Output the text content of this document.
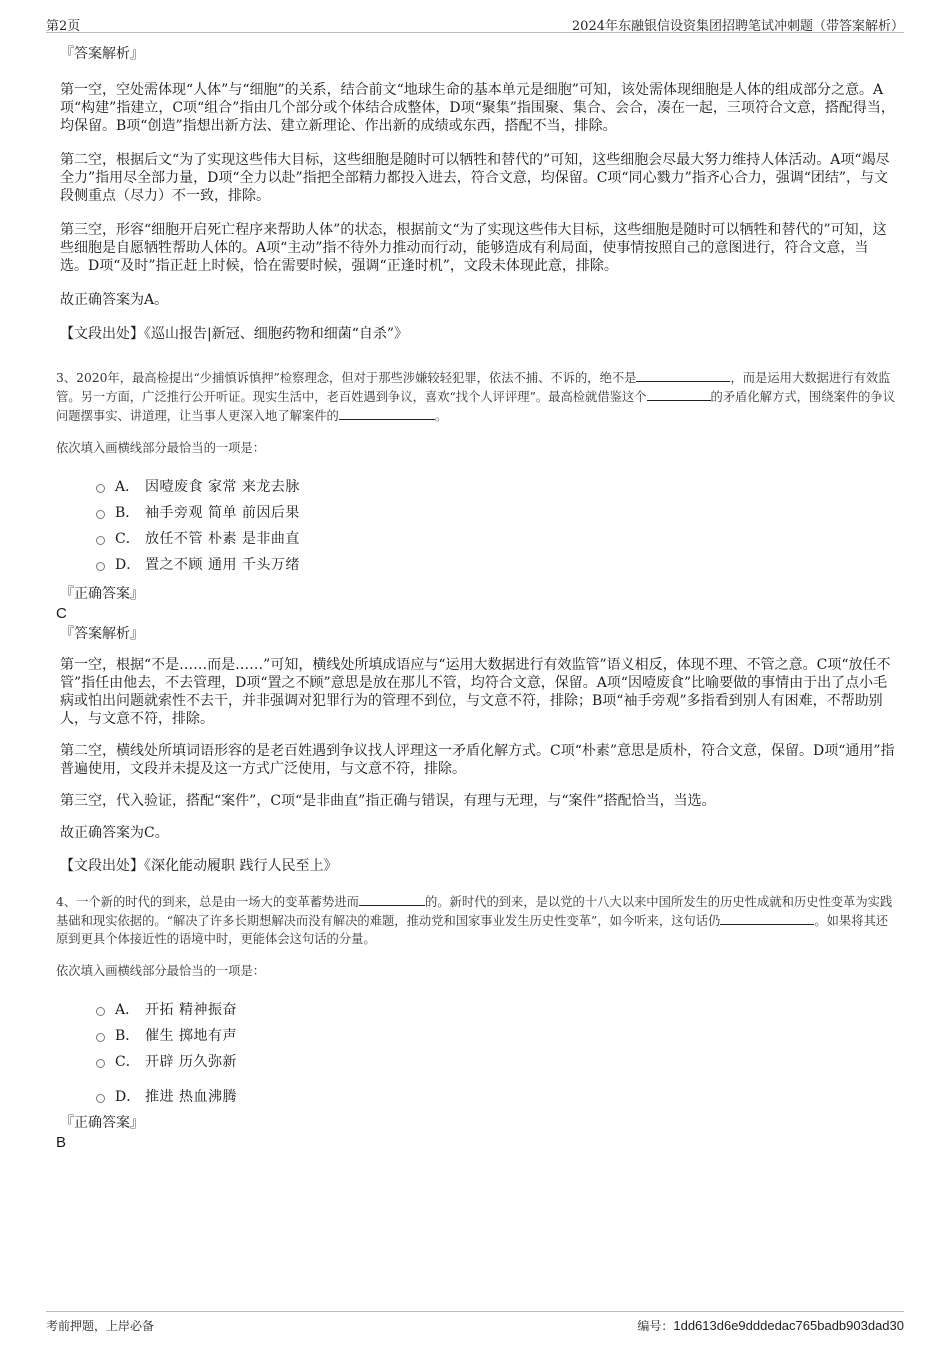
第2页	2024年东融银信设资集团招聘笔试冲刺题（带答案解析）
『答案解析』
第一空，空处需体现“人体”与“细胞”的关系，结合前文“地球生命的基本单元是细胞”可知，该处需体现细胞是人体的组成部分之意。A项“构建”指建立，C项“组合”指由几个部分或个体结合成整体，D项“聚集”指围聚、集合、会合，凑在一起，三项符合文意，搭配得当，均保留。B项“创造”指想出新方法、建立新理论、作出新的成绩或东西，搭配不当，排除。
第二空，根据后文“为了实现这些伟大目标，这些细胞是随时可以牺牲和替代的”可知，这些细胞会尽最大努力维持人体活动。A项“竭尽全力”指用尽全部力量，D项“全力以赴”指把全部精力都投入进去，符合文意，均保留。C项“同心戮力”指齐心合力，强调“团结”，与文段侧重点（尽力）不一致，排除。
第三空，形容“细胞开启死亡程序来帮助人体”的状态，根据前文“为了实现这些伟大目标，这些细胞是随时可以牺牲和替代的”可知，这些细胞是自愿牺牲帮助人体的。A项“主动”指不待外力推动而行动，能够造成有利局面，使事情按照自己的意图进行，符合文意，当选。D项“及时”指正赶上时候，恰在需要时候，强调“正逢时机”，文段未体现此意，排除。
故正确答案为A。
【文段出处】《巡山报告|新冠、细胞药物和细菌“自杀”》
3、2020年，最高检提出“少捕慎诉慎押”检察理念，但对于那些涉嫌较轻犯罪，依法不捕、不诉的，绝不是	，而是运用大数据进行有效监管。另一方面，广泛推行公开听证。现实生活中，老百姓遇到争议，喜欢“找个人评评理”。最高检就借鉴这个	的矛盾化解方式，围绕案件的争议问题摆事实、讲道理，让当事人更深入地了解案件的	。
依次填入画横线部分最恰当的一项是：
A． 因噎废食 家常 来龙去脉
B． 袖手旁观 简单 前因后果
C． 放任不管 朴素 是非曲直
D． 置之不顾 通用 千头万绪
『正确答案』
C
『答案解析』
第一空，根据“不是……而是……”可知，横线处所填成语应与“运用大数据进行有效监管”语义相反，体现不理、不管之意。C项“放任不管”指任由他去，不去管理，D项“置之不顾”意思是放在那儿不管，均符合文意，保留。A项“因噎废食”比喻要做的事情由于出了点小毛病或怕出问题就索性不去干，并非强调对犯罪行为的管理不到位，与文意不符，排除；B项“袖手旁观”多指看到别人有困难，不帮助别人，与文意不符，排除。
第二空，横线处所填词语形容的是老百姓遇到争议找人评理这一矛盾化解方式。C项“朴素”意思是质朴，符合文意，保留。D项“通用”指普遍使用，文段并未提及这一方式广泛使用，与文意不符，排除。
第三空，代入验证，搭配“案件”，C项“是非曲直”指正确与错误，有理与无理，与“案件”搭配恰当，当选。
故正确答案为C。
【文段出处】《深化能动履职 践行人民至上》
4、一个新的时代的到来，总是由一场大的变革蓄势进而	的。新时代的到来，是以党的十八大以来中国所发生的历史性成就和历史性变革为实践基础和现实依据的。“解决了许多长期想解决而没有解决的难题，推动党和国家事业发生历史性变革”，如今听来，这句话仍	。如果将其还原到更具个体接近性的语境中时，更能体会这句话的分量。
依次填入画横线部分最恰当的一项是：
A． 开拓 精神振奋
B． 催生 掷地有声
C． 开辟 历久弥新
D． 推进 热血沸腾
『正确答案』
B
考前押题，上岸必备	编号：1dd613d6e9dddedac765badb903dad30
